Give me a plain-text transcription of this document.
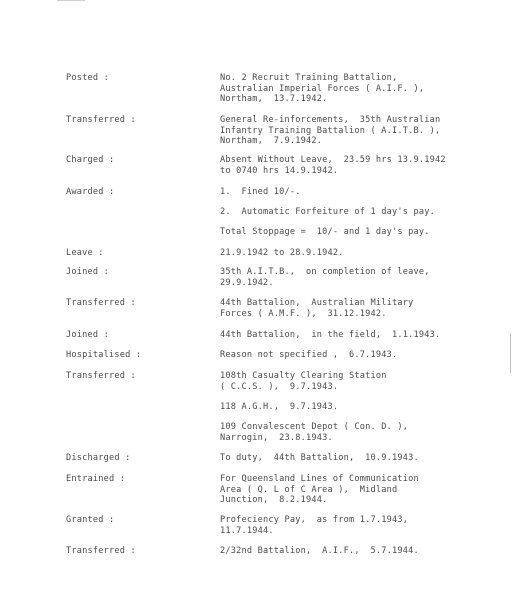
Posted :	No. 2 Recruit Training Battalion,
Australian Imperial Forces ( A.I.F. ),
Northam,  13.7.1942.
Transferred :	General Re-inforcements,  35th Australian
Infantry Training Battalion ( A.I.T.B. ),
Northam,  7.9.1942.
Charged :	Absent Without Leave,  23.59 hrs 13.9.1942
to 0740 hrs 14.9.1942.
Awarded :	1.  Fined 10/-.
2.  Automatic Forfeiture of 1 day's pay.
Total Stoppage =  10/- and 1 day's pay.
Leave :	21.9.1942 to 28.9.1942.
Joined :	35th A.I.T.B.,  on completion of leave,
29.9.1942.
Transferred :	44th Battalion,  Australian Military
Forces ( A.M.F. ),  31.12.1942.
Joined :	44th Battalion,  in the field,  1.1.1943.
Hospitalised :	Reason not specified ,  6.7.1943.
Transferred :	108th Casualty Clearing Station
( C.C.S. ),  9.7.1943.
118 A.G.H.,  9.7.1943.
109 Convalescent Depot ( Con. D. ),
Narrogin,  23.8.1943.
Discharged :	To duty,  44th Battalion,  10.9.1943.
Entrained :	For Queensland Lines of Communication
Area ( Q. L of C Area ),  Midland
Junction,  8.2.1944.
Granted :	Profeciency Pay,  as from 1.7.1943,
11.7.1944.
Transferred :	2/32nd Battalion,  A.I.F.,  5.7.1944.
